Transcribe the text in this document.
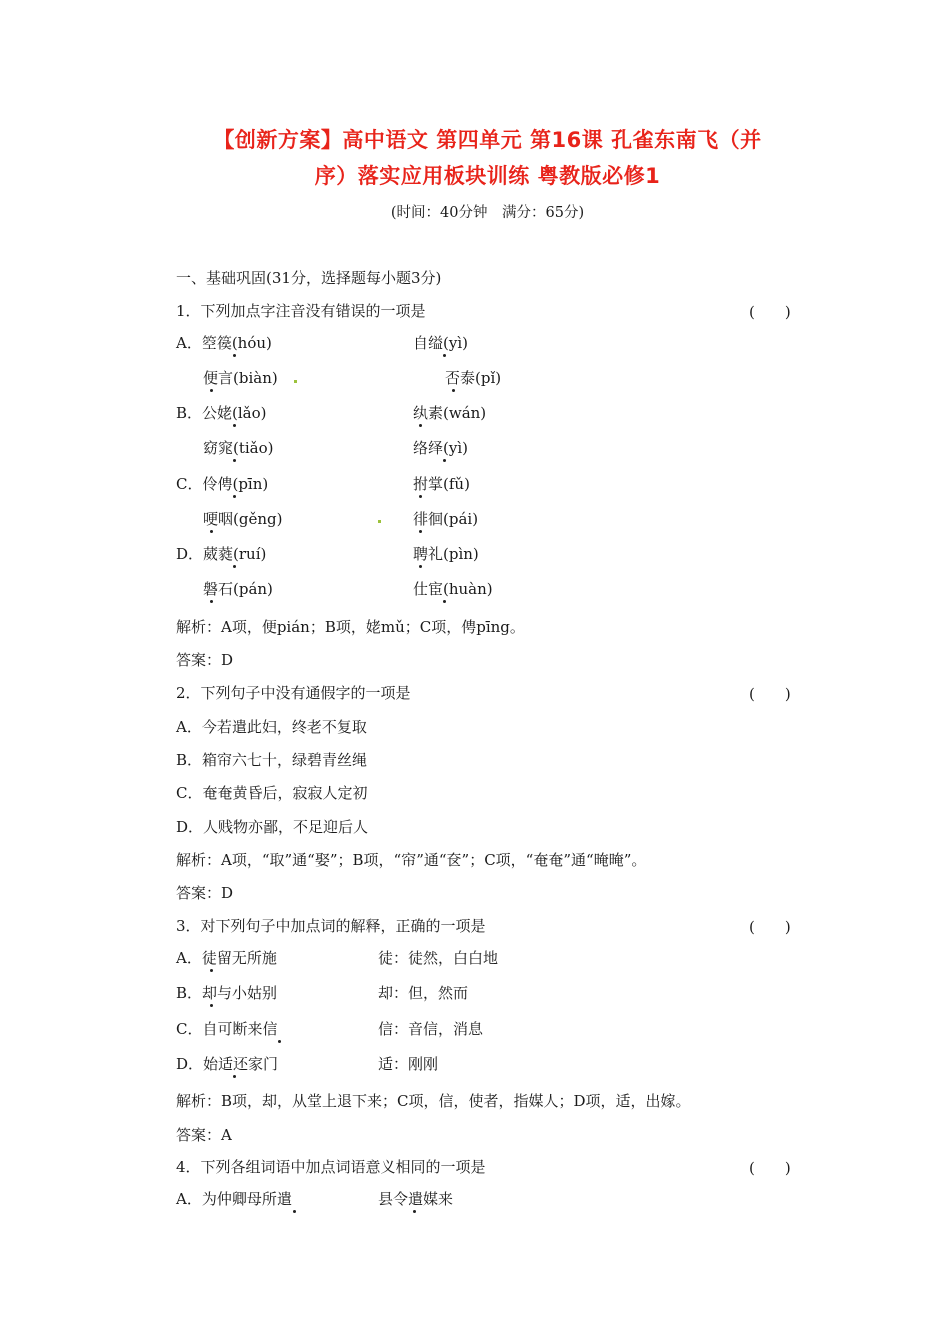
【创新方案】高中语文 第四单元 第16课 孔雀东南飞（并
序）落实应用板块训练 粤教版必修1
(时间：40分钟　满分：65分)
一、基础巩固(31分，选择题每小题3分)
1．下列加点字注音没有错误的一项是	(　　)
A．箜篌(hóu)	自缢(yì)
便言(biàn)	否泰(pǐ)
B．公姥(lǎo)	纨素(wán)
窈窕(tiǎo)	络绎(yì)
C．伶俜(pīn)	拊掌(fǔ)
哽咽(gěng)	徘徊(pái)
D．葳蕤(ruí)	聘礼(pìn)
磐石(pán)	仕宦(huàn)
解析：A项，便pián；B项，姥mǔ；C项，俜pīng。
答案：D
2．下列句子中没有通假字的一项是	(　　)
A．今若遣此妇，终老不复取
B．箱帘六七十，绿碧青丝绳
C．奄奄黄昏后，寂寂人定初
D．人贱物亦鄙，不足迎后人
解析：A项，“取”通“娶”；B项，“帘”通“奁”；C项，“奄奄”通“晻晻”。
答案：D
3．对下列句子中加点词的解释，正确的一项是	(　　)
A．徒留无所施	徒：徒然，白白地
B．却与小姑别	却：但，然而
C．自可断来信	信：音信，消息
D．始适还家门	适：刚刚
解析：B项，却，从堂上退下来；C项，信，使者，指媒人；D项，适，出嫁。
答案：A
4．下列各组词语中加点词语意义相同的一项是	(　　)
A．为仲卿母所遣	县令遣媒来
